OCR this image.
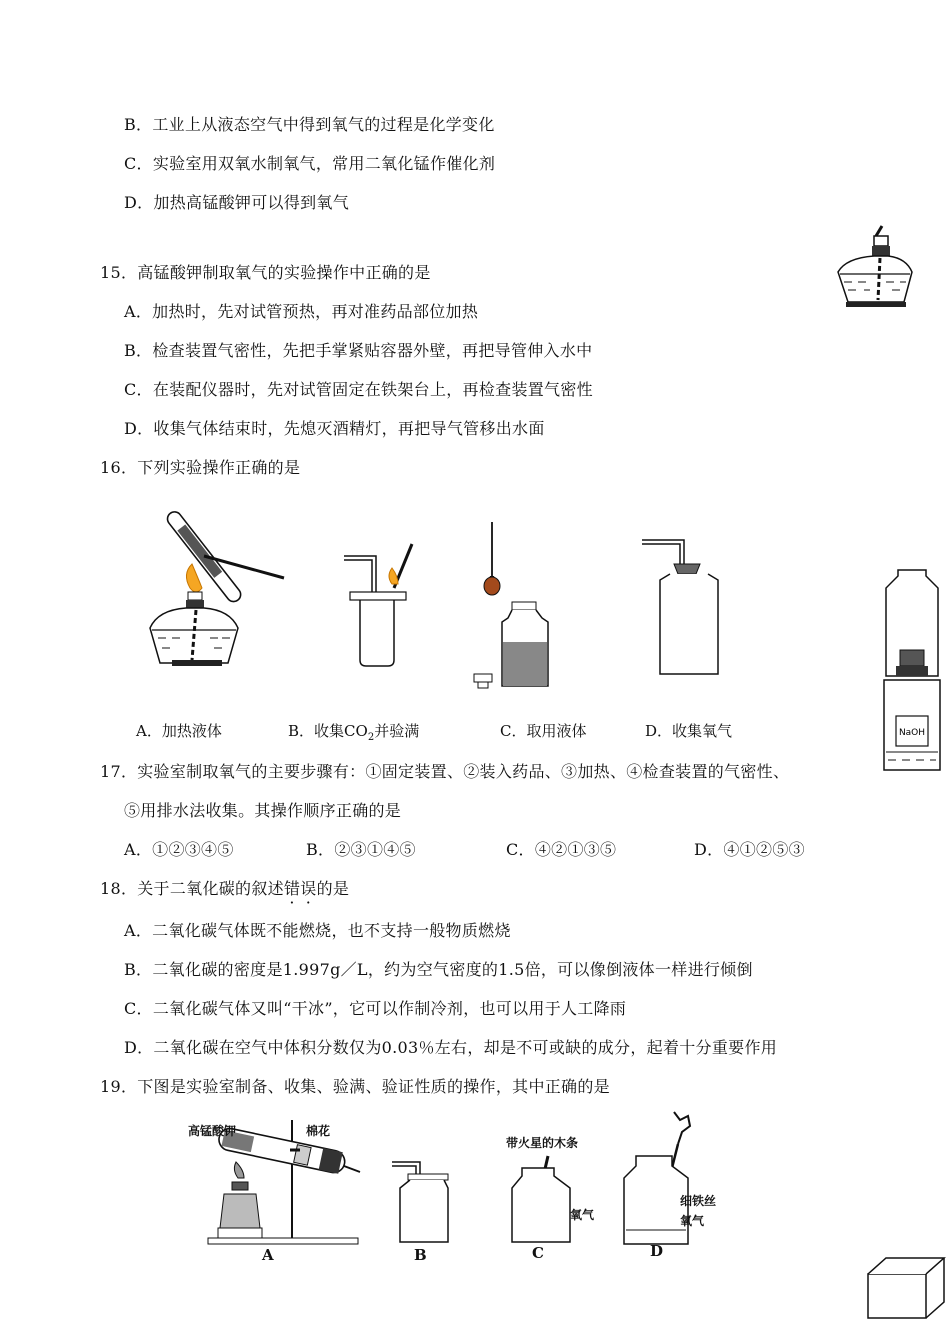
B．工业上从液态空气中得到氧气的过程是化学变化
C．实验室用双氧水制氧气，常用二氧化锰作催化剂
D．加热高锰酸钾可以得到氧气
15．高锰酸钾制取氧气的实验操作中正确的是
A．加热时，先对试管预热，再对准药品部位加热
B．检查装置气密性，先把手掌紧贴容器外壁，再把导管伸入水中
C．在装配仪器时，先对试管固定在铁架台上，再检查装置气密性
D．收集气体结束时，先熄灭酒精灯，再把导气管移出水面
16．下列实验操作正确的是
NaOH
A．加热液体	B．收集$CO_2$并验满	C．取用液体	D．收集氧气
17．实验室制取氧气的主要步骤有：①固定装置、②装入药品、③加热、④检查装置的气密性、
⑤用排水法收集。其操作顺序正确的是
A．①②③④⑤	B．②③①④⑤	C．④②①③⑤	D．④①②⑤③
18．关于二氧化碳的叙述错误的是
A．二氧化碳气体既不能燃烧，也不支持一般物质燃烧
B．二氧化碳的密度是1.997g／L，约为空气密度的1.5倍，可以像倒液体一样进行倾倒
C．二氧化碳气体又叫“干冰”，它可以作制冷剂，也可以用于人工降雨
D．二氧化碳在空气中体积分数仅为0.03％左右，却是不可或缺的成分，起着十分重要作用
19．下图是实验室制备、收集、验满、验证性质的操作，其中正确的是
高锰酸钾	棉花
带火星的木条
氧气
细铁丝
氧气
A	B	C	D
